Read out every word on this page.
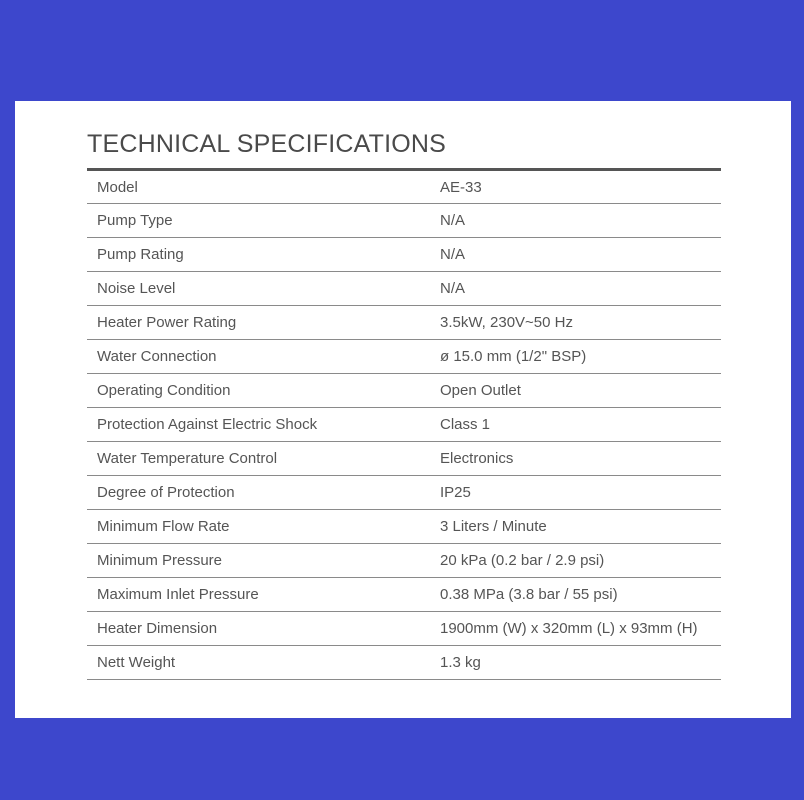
TECHNICAL SPECIFICATIONS
Model	AE-33
Pump Type	N/A
Pump Rating	N/A
Noise Level	N/A
Heater Power Rating	3.5kW, 230V~50 Hz
Water Connection	ø 15.0 mm (1/2" BSP)
Operating Condition	Open Outlet
Protection Against Electric Shock	Class 1
Water Temperature Control	Electronics
Degree of Protection	IP25
Minimum Flow Rate	3 Liters / Minute
Minimum Pressure	20 kPa (0.2 bar / 2.9 psi)
Maximum Inlet Pressure	0.38 MPa (3.8 bar / 55 psi)
Heater Dimension	1900mm (W) x 320mm (L) x 93mm (H)
Nett Weight	1.3 kg
